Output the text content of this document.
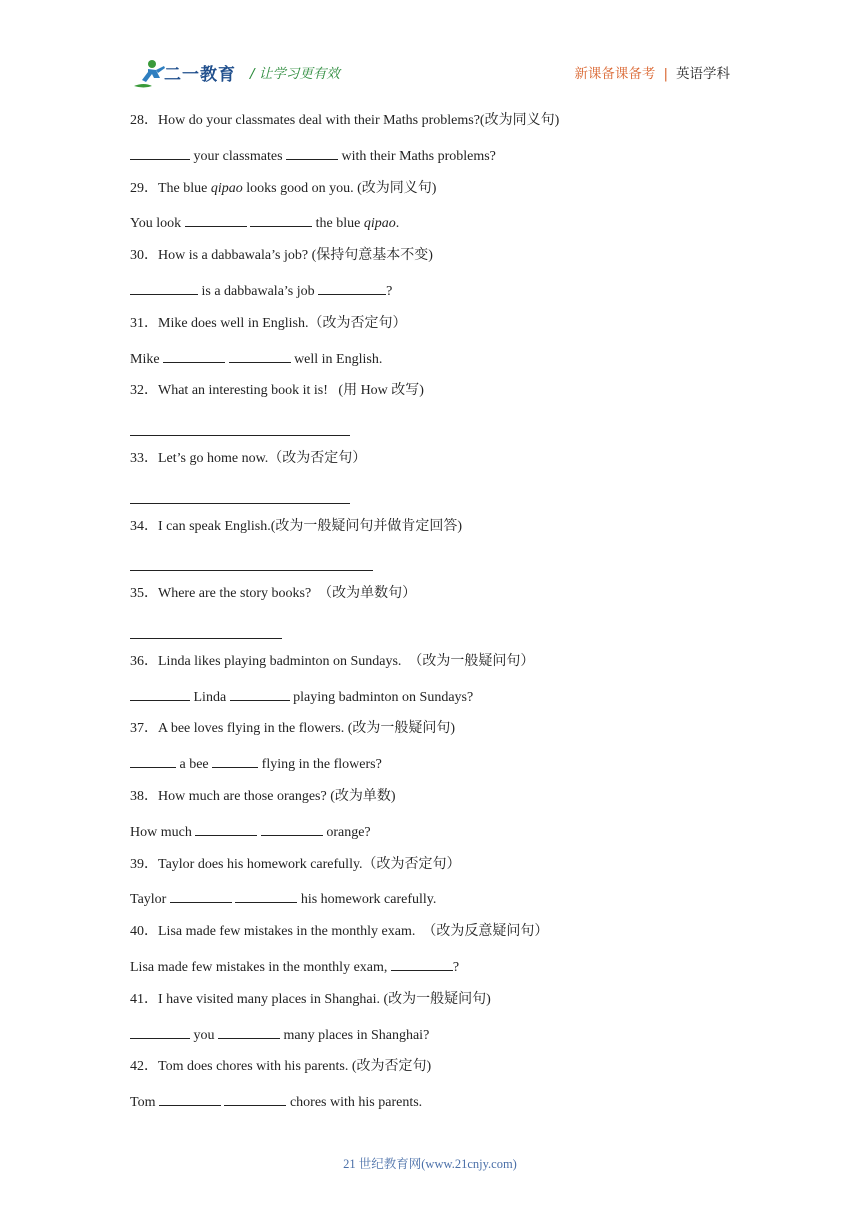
二一教育 / 让学习更有效	新课备课备考 | 英语学科
28．How do your classmates deal with their Maths problems?(改为同义句)
your classmates	with their Maths problems?
29．The blue qipao looks good on you. (改为同义句)
You look	the blue qipao.
30．How is a dabbawala’s job? (保持句意基本不变)
is a dabbawala’s job	?
31．Mike does well in English.（改为否定句）
Mike	well in English.
32．What an interesting book it is!   (用 How 改写)
33．Let’s go home now.（改为否定句）
34．I can speak English.(改为一般疑问句并做肯定回答)
35．Where are the story books?  （改为单数句）
36．Linda likes playing badminton on Sundays.  （改为一般疑问句）
Linda	playing badminton on Sundays?
37．A bee loves flying in the flowers. (改为一般疑问句)
a bee	flying in the flowers?
38．How much are those oranges? (改为单数)
How much	orange?
39．Taylor does his homework carefully.（改为否定句）
Taylor	his homework carefully.
40．Lisa made few mistakes in the monthly exam.  （改为反意疑问句）
Lisa made few mistakes in the monthly exam,	?
41．I have visited many places in Shanghai. (改为一般疑问句)
you	many places in Shanghai?
42．Tom does chores with his parents. (改为否定句)
Tom	chores with his parents.
21 世纪教育网(www.21cnjy.com)
